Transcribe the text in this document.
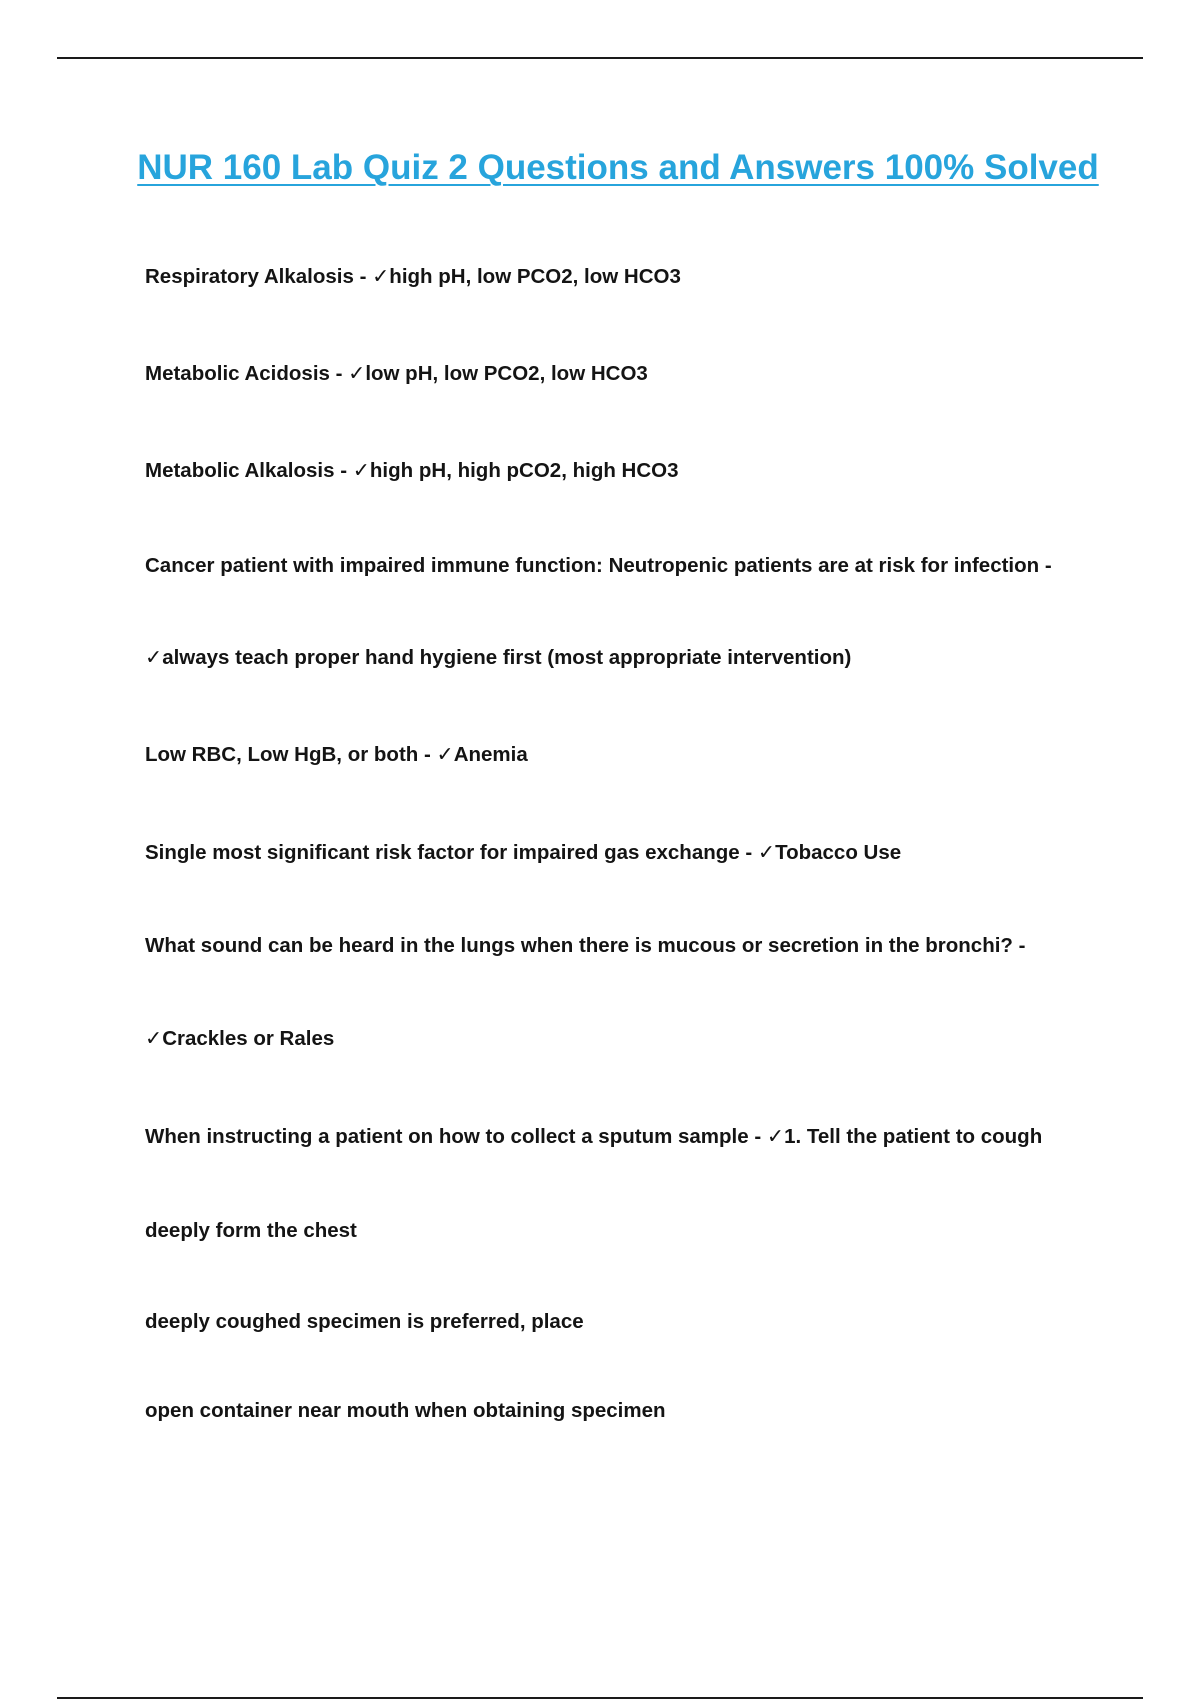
NUR 160 Lab Quiz 2 Questions and Answers 100% Solved

Respiratory Alkalosis - ✓high pH, low PCO2, low HCO3

Metabolic Acidosis - ✓low pH, low PCO2, low HCO3

Metabolic Alkalosis - ✓high pH, high pCO2, high HCO3

Cancer patient with impaired immune function: Neutropenic patients are at risk for infection -

✓always teach proper hand hygiene first (most appropriate intervention)

Low RBC, Low HgB, or both - ✓Anemia

Single most significant risk factor for impaired gas exchange - ✓Tobacco Use

What sound can be heard in the lungs when there is mucous or secretion in the bronchi? -

✓Crackles or Rales

When instructing a patient on how to collect a sputum sample - ✓1. Tell the patient to cough

deeply form the chest

deeply coughed specimen is preferred, place

open container near mouth when obtaining specimen
